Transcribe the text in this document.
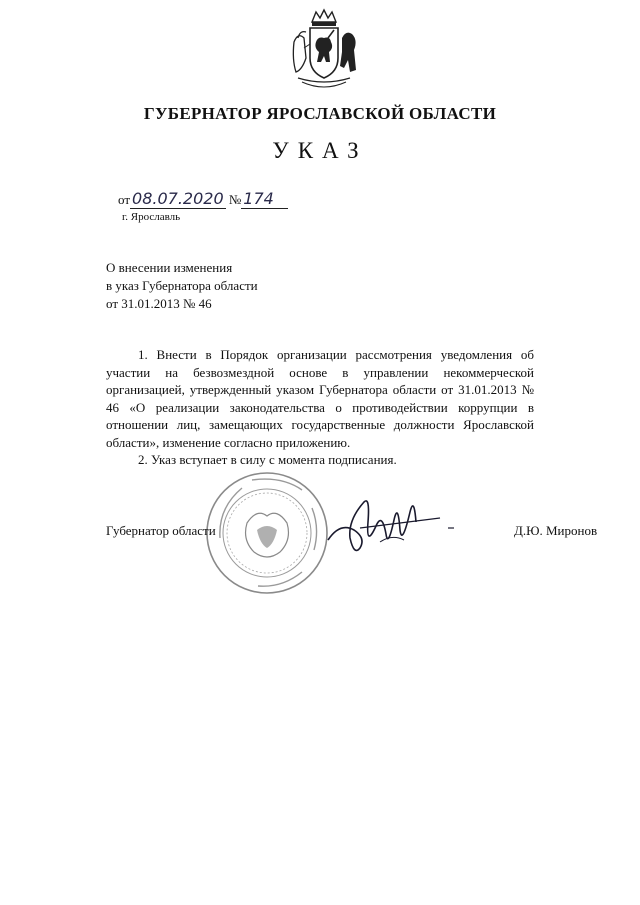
ГУБЕРНАТОР ЯРОСЛАВСКОЙ ОБЛАСТИ
УКАЗ
от 08.07.2020 № 174
г. Ярославль
О внесении изменения
в указ Губернатора области
от 31.01.2013 № 46

1. Внести в Порядок организации рассмотрения уведомления об участии на безвозмездной основе в управлении некоммерческой организацией, утвержденный указом Губернатора области от 31.01.2013 № 46 «О реализации законодательства о противодействии коррупции в отношении лиц, замещающих государственные должности Ярославской области», изменение согласно приложению.

2. Указ вступает в силу с момента подписания.

Губернатор области	Д.Ю. Миронов
